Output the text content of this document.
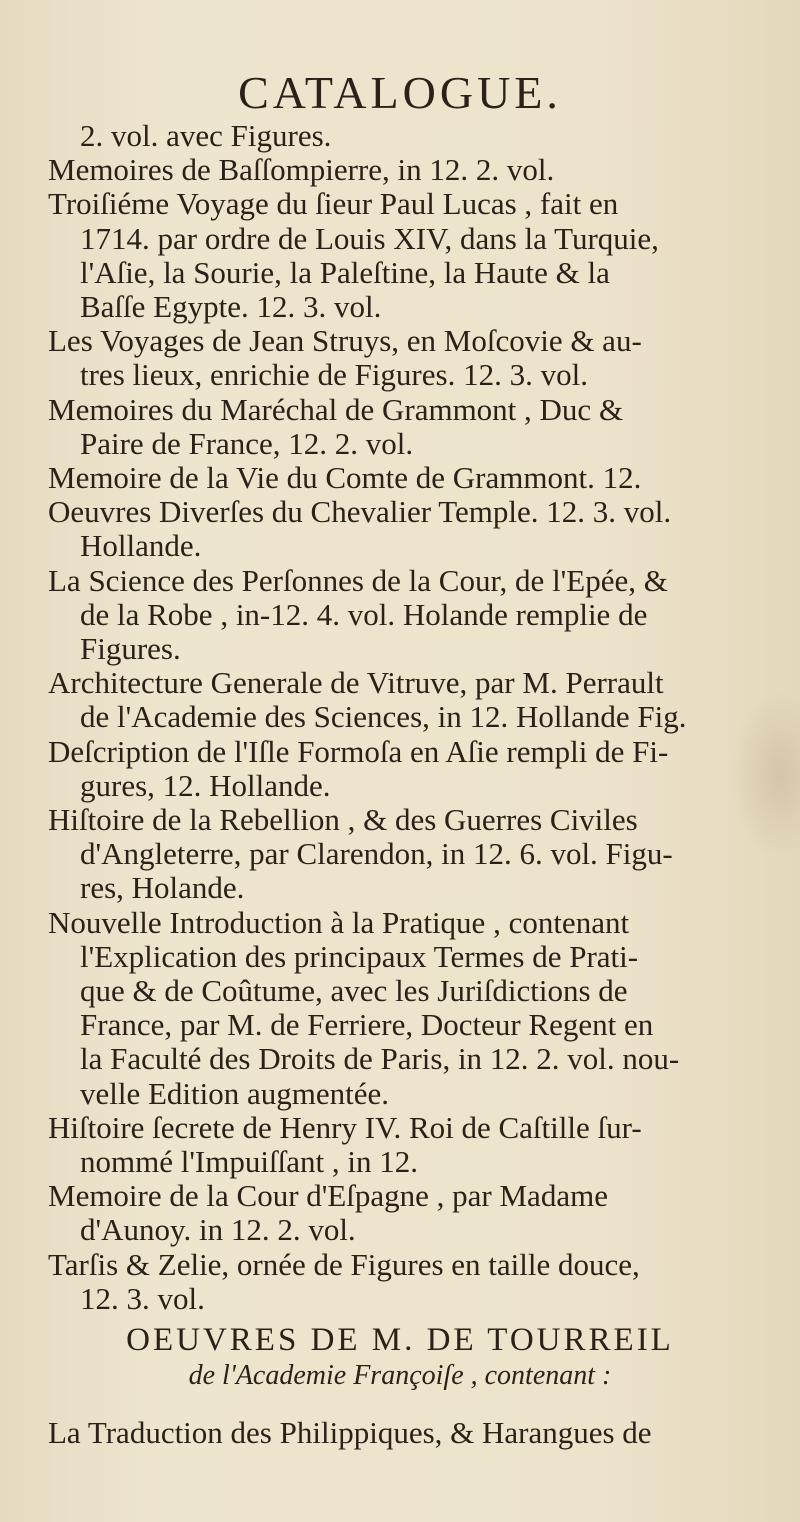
CATALOGUE.
2. vol. avec Figures.
Memoires de Baſſompierre, in 12. 2. vol.
Troiſiéme Voyage du ſieur Paul Lucas , fait en
1714. par ordre de Louis XIV, dans la Turquie,
l'Aſie, la Sourie, la Paleſtine, la Haute & la
Baſſe Egypte. 12. 3. vol.
Les Voyages de Jean Struys, en Moſcovie & au-
tres lieux, enrichie de Figures. 12. 3. vol.
Memoires du Maréchal de Grammont , Duc &
Paire de France, 12. 2. vol.
Memoire de la Vie du Comte de Grammont. 12.
Oeuvres Diverſes du Chevalier Temple. 12. 3. vol.
Hollande.
La Science des Perſonnes de la Cour, de l'Epée, &
de la Robe , in-12. 4. vol. Holande remplie de
Figures.
Architecture Generale de Vitruve, par M. Perrault
de l'Academie des Sciences, in 12. Hollande Fig.
Deſcription de l'Iſle Formoſa en Aſie rempli de Fi-
gures, 12. Hollande.
Hiſtoire de la Rebellion , & des Guerres Civiles
d'Angleterre, par Clarendon, in 12. 6. vol. Figu-
res, Holande.
Nouvelle Introduction à la Pratique , contenant
l'Explication des principaux Termes de Prati-
que & de Coûtume, avec les Juriſdictions de
France, par M. de Ferriere, Docteur Regent en
la Faculté des Droits de Paris, in 12. 2. vol. nou-
velle Edition augmentée.
Hiſtoire ſecrete de Henry IV. Roi de Caſtille ſur-
nommé l'Impuiſſant , in 12.
Memoire de la Cour d'Eſpagne , par Madame
d'Aunoy. in 12. 2. vol.
Tarſis & Zelie, ornée de Figures en taille douce,
12. 3. vol.
OEUVRES DE M. DE TOURREIL
de l'Academie Françoiſe , contenant :
La Traduction des Philippiques, & Harangues de
